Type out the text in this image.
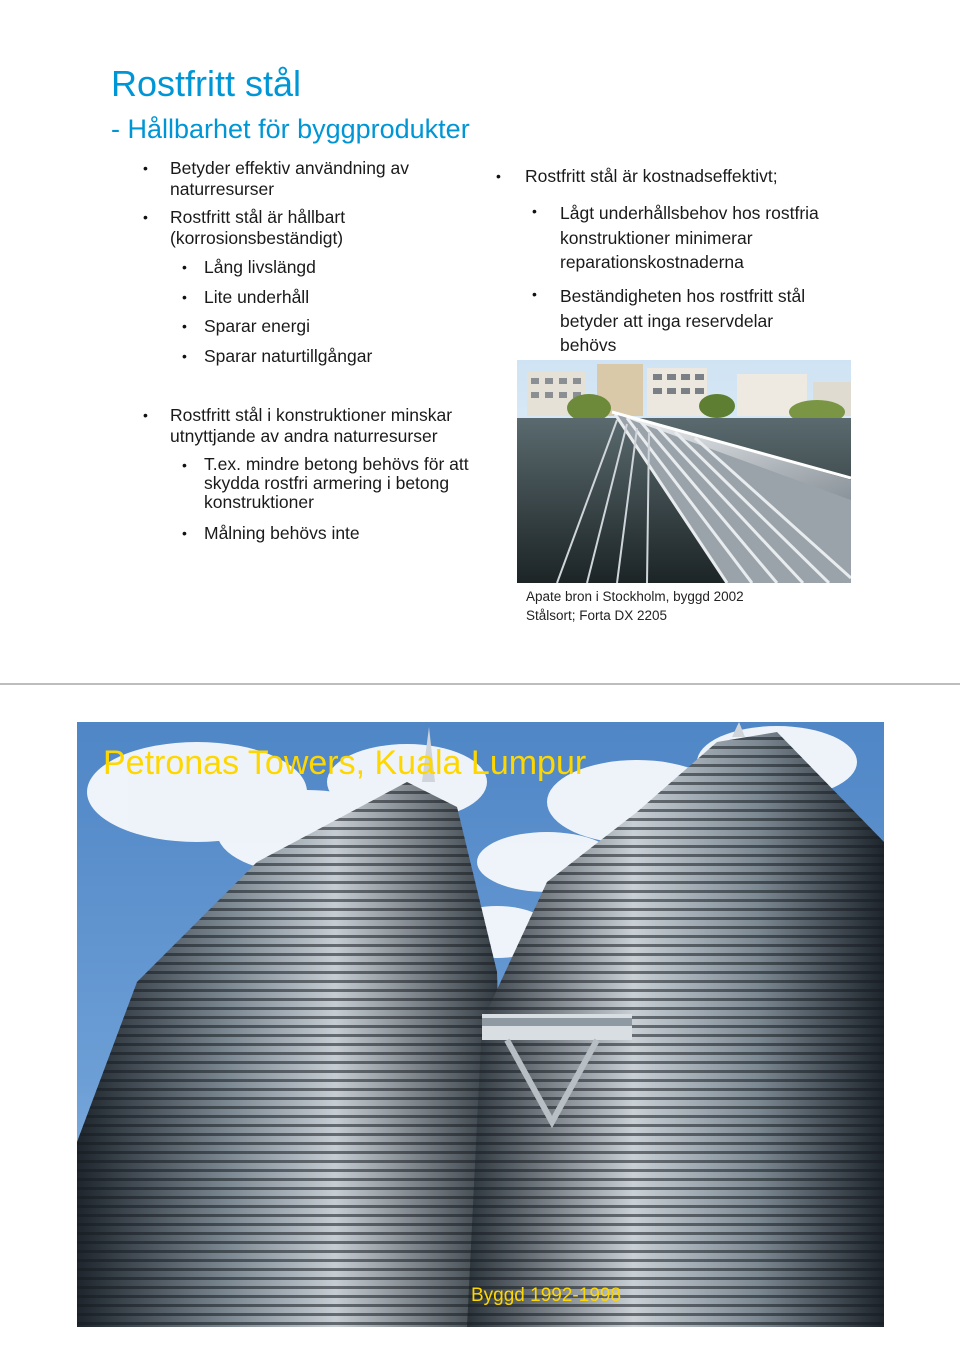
Rostfritt stål
- Hållbarhet för byggprodukter
• Betyder effektiv användning av
naturresurser
• Rostfritt stål är hållbart
(korrosionsbeständigt)
• Lång livslängd
• Lite underhåll
• Sparar energi
• Sparar naturtillgångar
• Rostfritt stål är kostnadseffektivt;
• Lågt underhållsbehov hos rostfria
konstruktioner minimerar
reparationskostnaderna
• Beständigheten hos rostfritt stål
betyder att inga reservdelar
behövs
• Rostfritt stål i konstruktioner minskar
utnyttjande av andra naturresurser
• T.ex. mindre betong behövs för att
skydda rostfri armering i betong
konstruktioner
• Målning behövs inte
Apate bron i Stockholm, byggd 2002
Stålsort; Forta DX 2205
Petronas Towers, Kuala Lumpur
Byggd 1992-1998
